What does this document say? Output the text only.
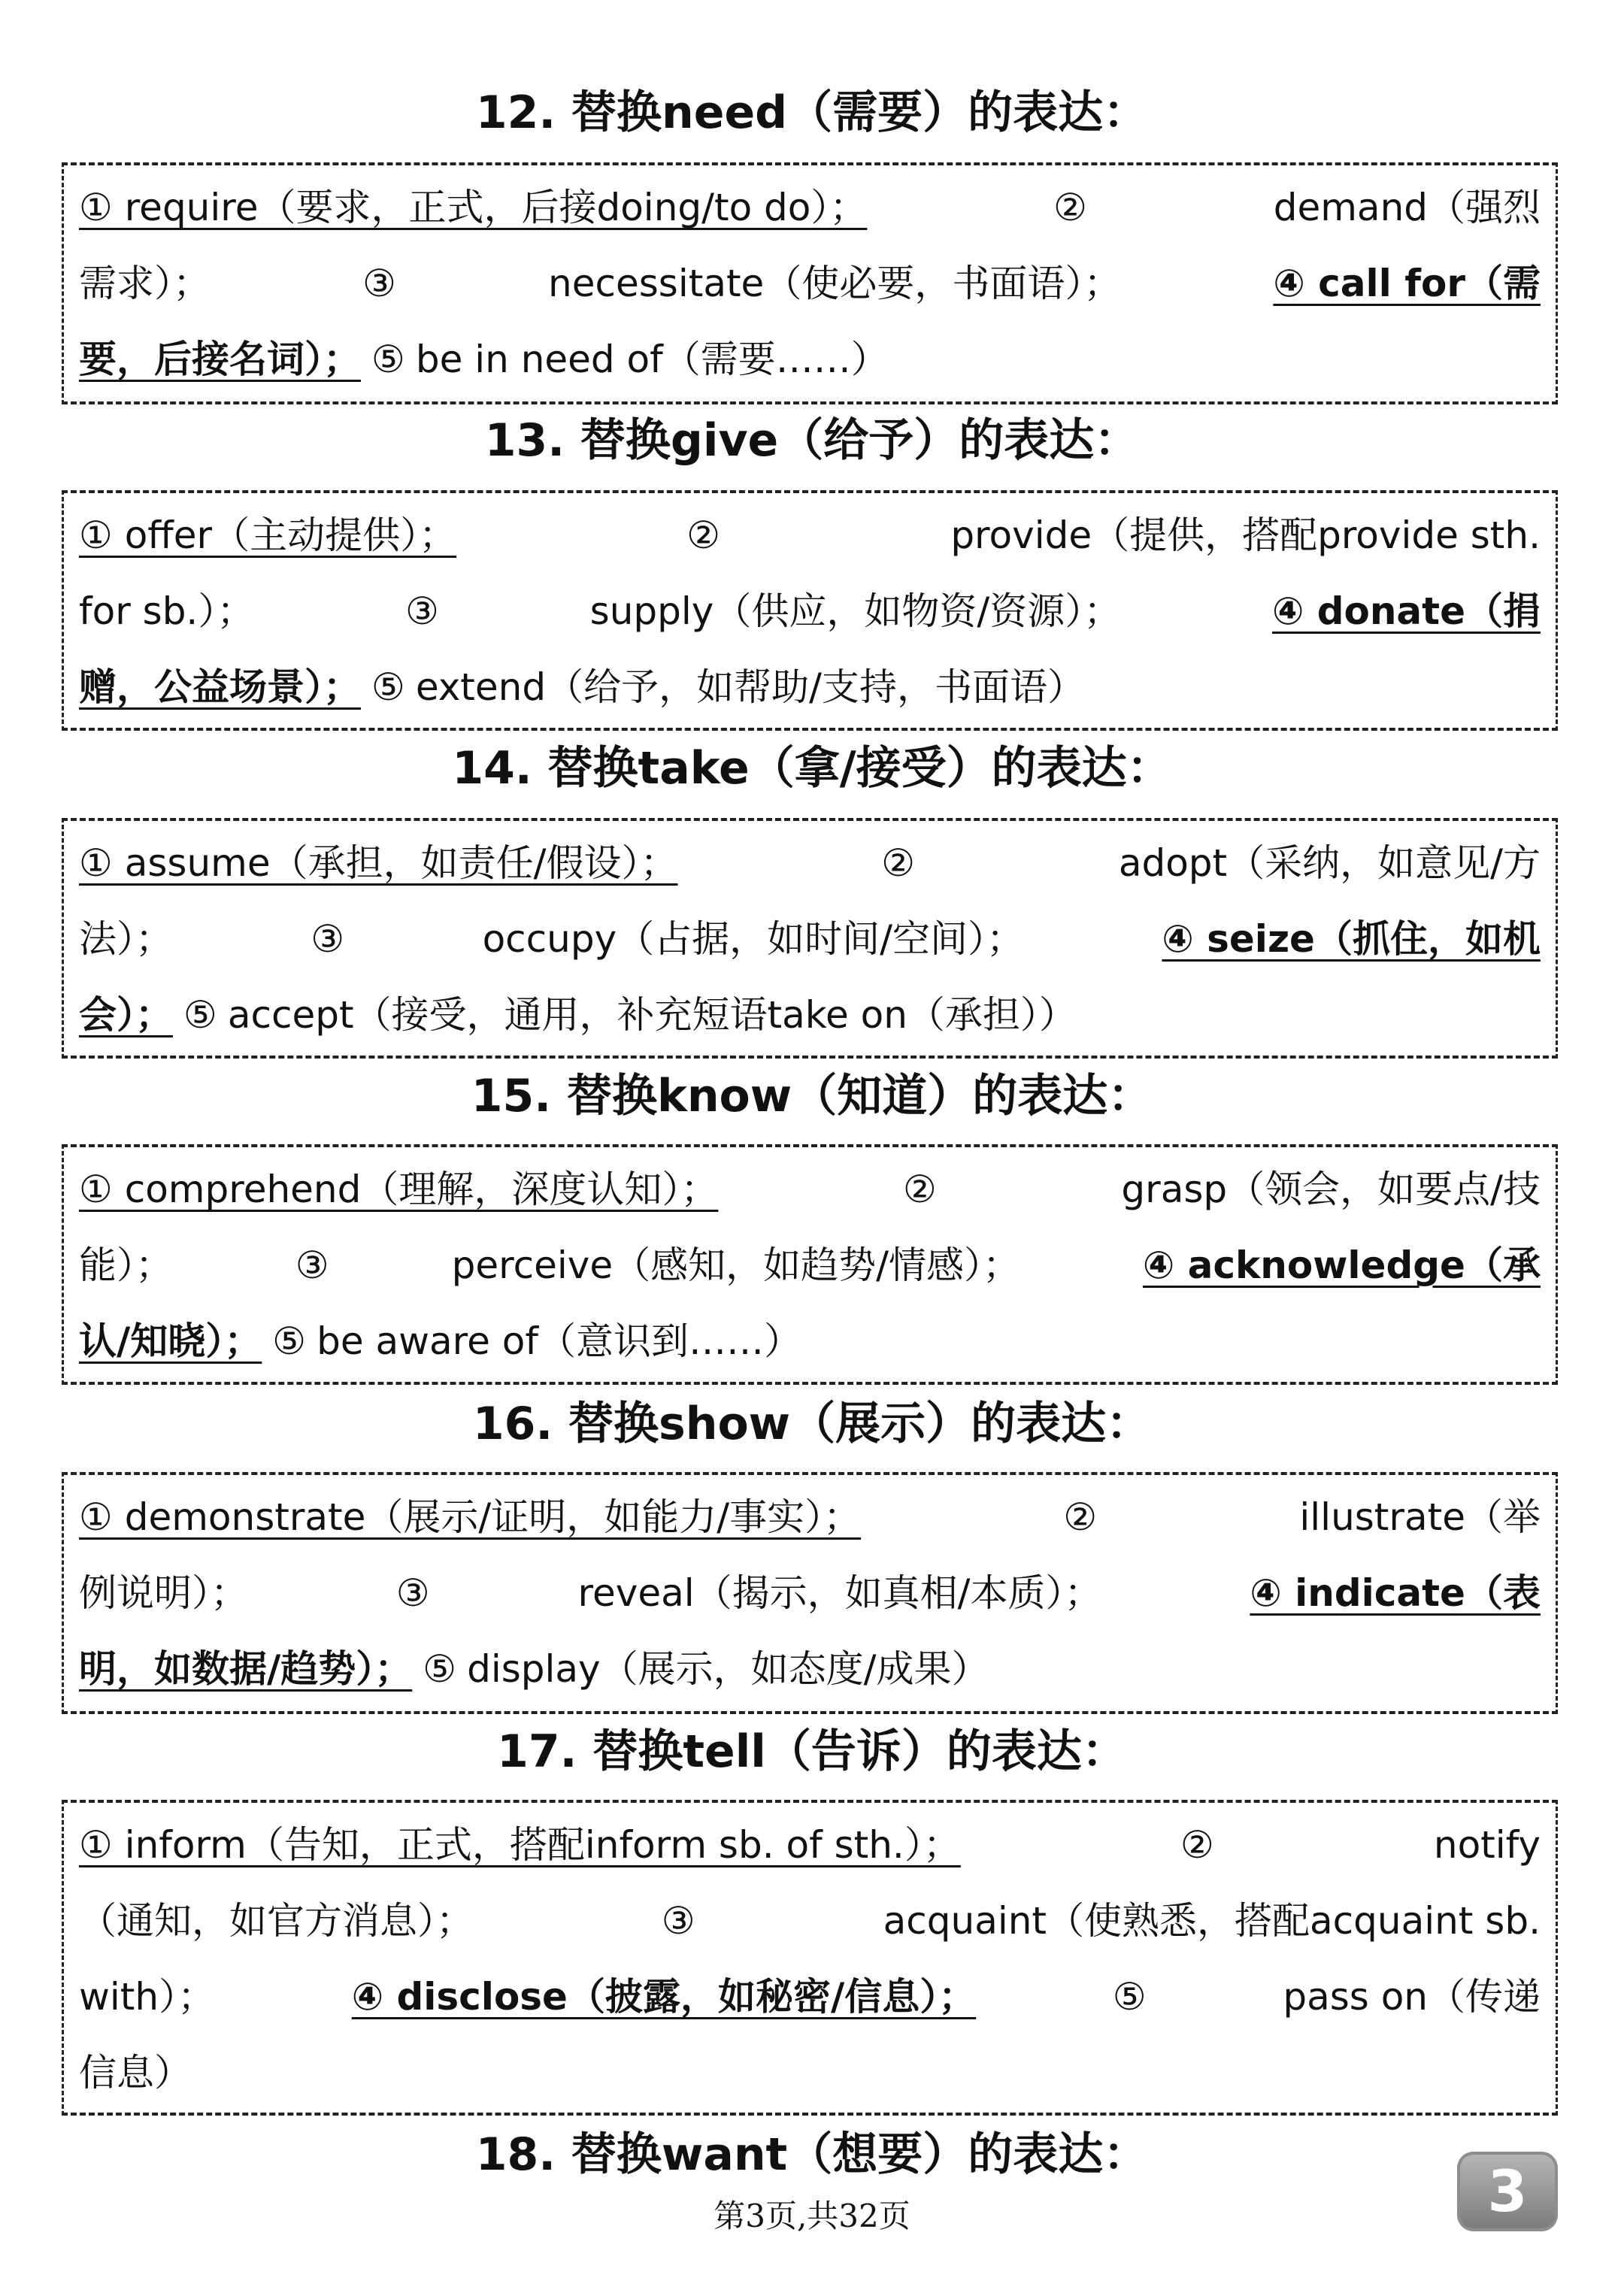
12. 替换need（需要）的表达：
① require（要求，正式，后接doing/to do）；	②	demand（强烈
需求）；	③	necessitate（使必要，书面语）；	④ call for（需
要，后接名词）； ⑤ be in need of（需要……）
13. 替换give（给予）的表达：
① offer（主动提供）；	②	provide（提供，搭配provide sth.
for sb.）；	③	supply（供应，如物资/资源）；	④ donate（捐
赠，公益场景）； ⑤ extend（给予，如帮助/支持，书面语）
14. 替换take（拿/接受）的表达：
① assume（承担，如责任/假设）；	②	adopt（采纳，如意见/方
法）；	③	occupy（占据，如时间/空间）；	④ seize（抓住，如机
会）； ⑤ accept（接受，通用，补充短语take on（承担））
15. 替换know（知道）的表达：
① comprehend（理解，深度认知）；	②	grasp（领会，如要点/技
能）；	③	perceive（感知，如趋势/情感）；	④ acknowledge（承
认/知晓）； ⑤ be aware of（意识到……）
16. 替换show（展示）的表达：
① demonstrate（展示/证明，如能力/事实）；	②	illustrate（举
例说明）；	③	reveal（揭示，如真相/本质）；	④ indicate（表
明，如数据/趋势）； ⑤ display（展示，如态度/成果）
17. 替换tell（告诉）的表达：
① inform（告知，正式，搭配inform sb. of sth.）；	②	notify
（通知，如官方消息）；	③	acquaint（使熟悉，搭配acquaint sb.
with）；	④ disclose（披露，如秘密/信息）；	⑤	pass on（传递
信息）
18. 替换want（想要）的表达：
第3页,共32页	3
